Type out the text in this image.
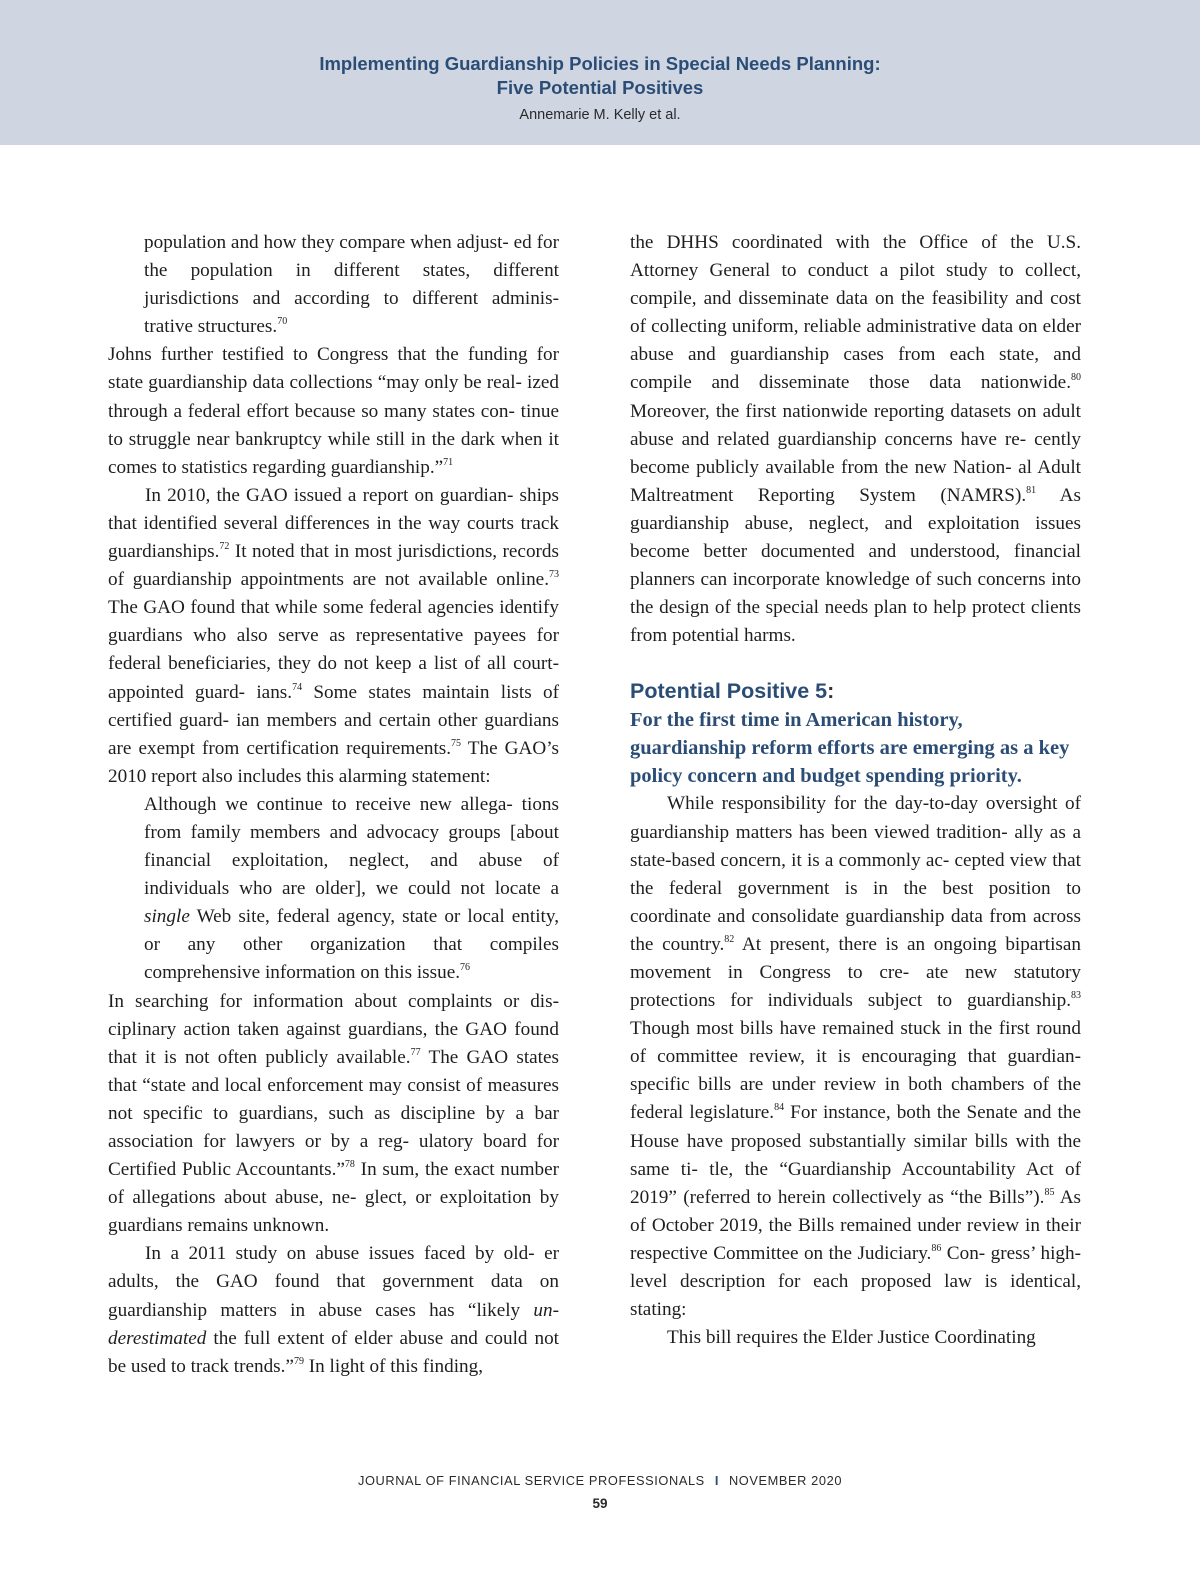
Implementing Guardianship Policies in Special Needs Planning:
Five Potential Positives
Annemarie M. Kelly et al.

population and how they compare when adjust- ed for the population in different states, different jurisdictions and according to different adminis- trative structures.$^{70}$

Johns further testified to Congress that the funding for state guardianship data collections “may only be real- ized through a federal effort because so many states con- tinue to struggle near bankruptcy while still in the dark when it comes to statistics regarding guardianship.”$^{71}$

In 2010, the GAO issued a report on guardian- ships that identified several differences in the way courts track guardianships.$^{72}$ It noted that in most jurisdictions, records of guardianship appointments are not available online.$^{73}$ The GAO found that while some federal agencies identify guardians who also serve as representative payees for federal beneficiaries, they do not keep a list of all court-appointed guard- ians.$^{74}$ Some states maintain lists of certified guard- ian members and certain other guardians are exempt from certification requirements.$^{75}$ The GAO’s 2010 report also includes this alarming statement:

Although we continue to receive new allega- tions from family members and advocacy groups [about financial exploitation, neglect, and abuse of individuals who are older], we could not locate a single Web site, federal agency, state or local entity, or any other organization that compiles comprehensive information on this issue.$^{76}$

In searching for information about complaints or dis- ciplinary action taken against guardians, the GAO found that it is not often publicly available.$^{77}$ The GAO states that “state and local enforcement may consist of measures not specific to guardians, such as discipline by a bar association for lawyers or by a reg- ulatory board for Certified Public Accountants.”$^{78}$ In sum, the exact number of allegations about abuse, ne- glect, or exploitation by guardians remains unknown.

In a 2011 study on abuse issues faced by old- er adults, the GAO found that government data on guardianship matters in abuse cases has “likely un- derestimated the full extent of elder abuse and could not be used to track trends.”$^{79}$ In light of this finding,

the DHHS coordinated with the Office of the U.S. Attorney General to conduct a pilot study to collect, compile, and disseminate data on the feasibility and cost of collecting uniform, reliable administrative data on elder abuse and guardianship cases from each state, and compile and disseminate those data nationwide.$^{80}$ Moreover, the first nationwide reporting datasets on adult abuse and related guardianship concerns have re- cently become publicly available from the new Nation- al Adult Maltreatment Reporting System (NAMRS).$^{81}$ As guardianship abuse, neglect, and exploitation issues become better documented and understood, financial planners can incorporate knowledge of such concerns into the design of the special needs plan to help protect clients from potential harms.

Potential Positive 5:
For the first time in American history, guardianship reform efforts are emerging as a key policy concern and budget spending priority.

While responsibility for the day-to-day oversight of guardianship matters has been viewed tradition- ally as a state-based concern, it is a commonly ac- cepted view that the federal government is in the best position to coordinate and consolidate guardianship data from across the country.$^{82}$ At present, there is an ongoing bipartisan movement in Congress to cre- ate new statutory protections for individuals subject to guardianship.$^{83}$ Though most bills have remained stuck in the first round of committee review, it is encouraging that guardian-specific bills are under review in both chambers of the federal legislature.$^{84}$ For instance, both the Senate and the House have proposed substantially similar bills with the same ti- tle, the “Guardianship Accountability Act of 2019” (referred to herein collectively as “the Bills”).$^{85}$ As of October 2019, the Bills remained under review in their respective Committee on the Judiciary.$^{86}$ Con- gress’ high-level description for each proposed law is identical, stating:

This bill requires the Elder Justice Coordinating

JOURNAL OF FINANCIAL SERVICE PROFESSIONALS I NOVEMBER 2020
59
